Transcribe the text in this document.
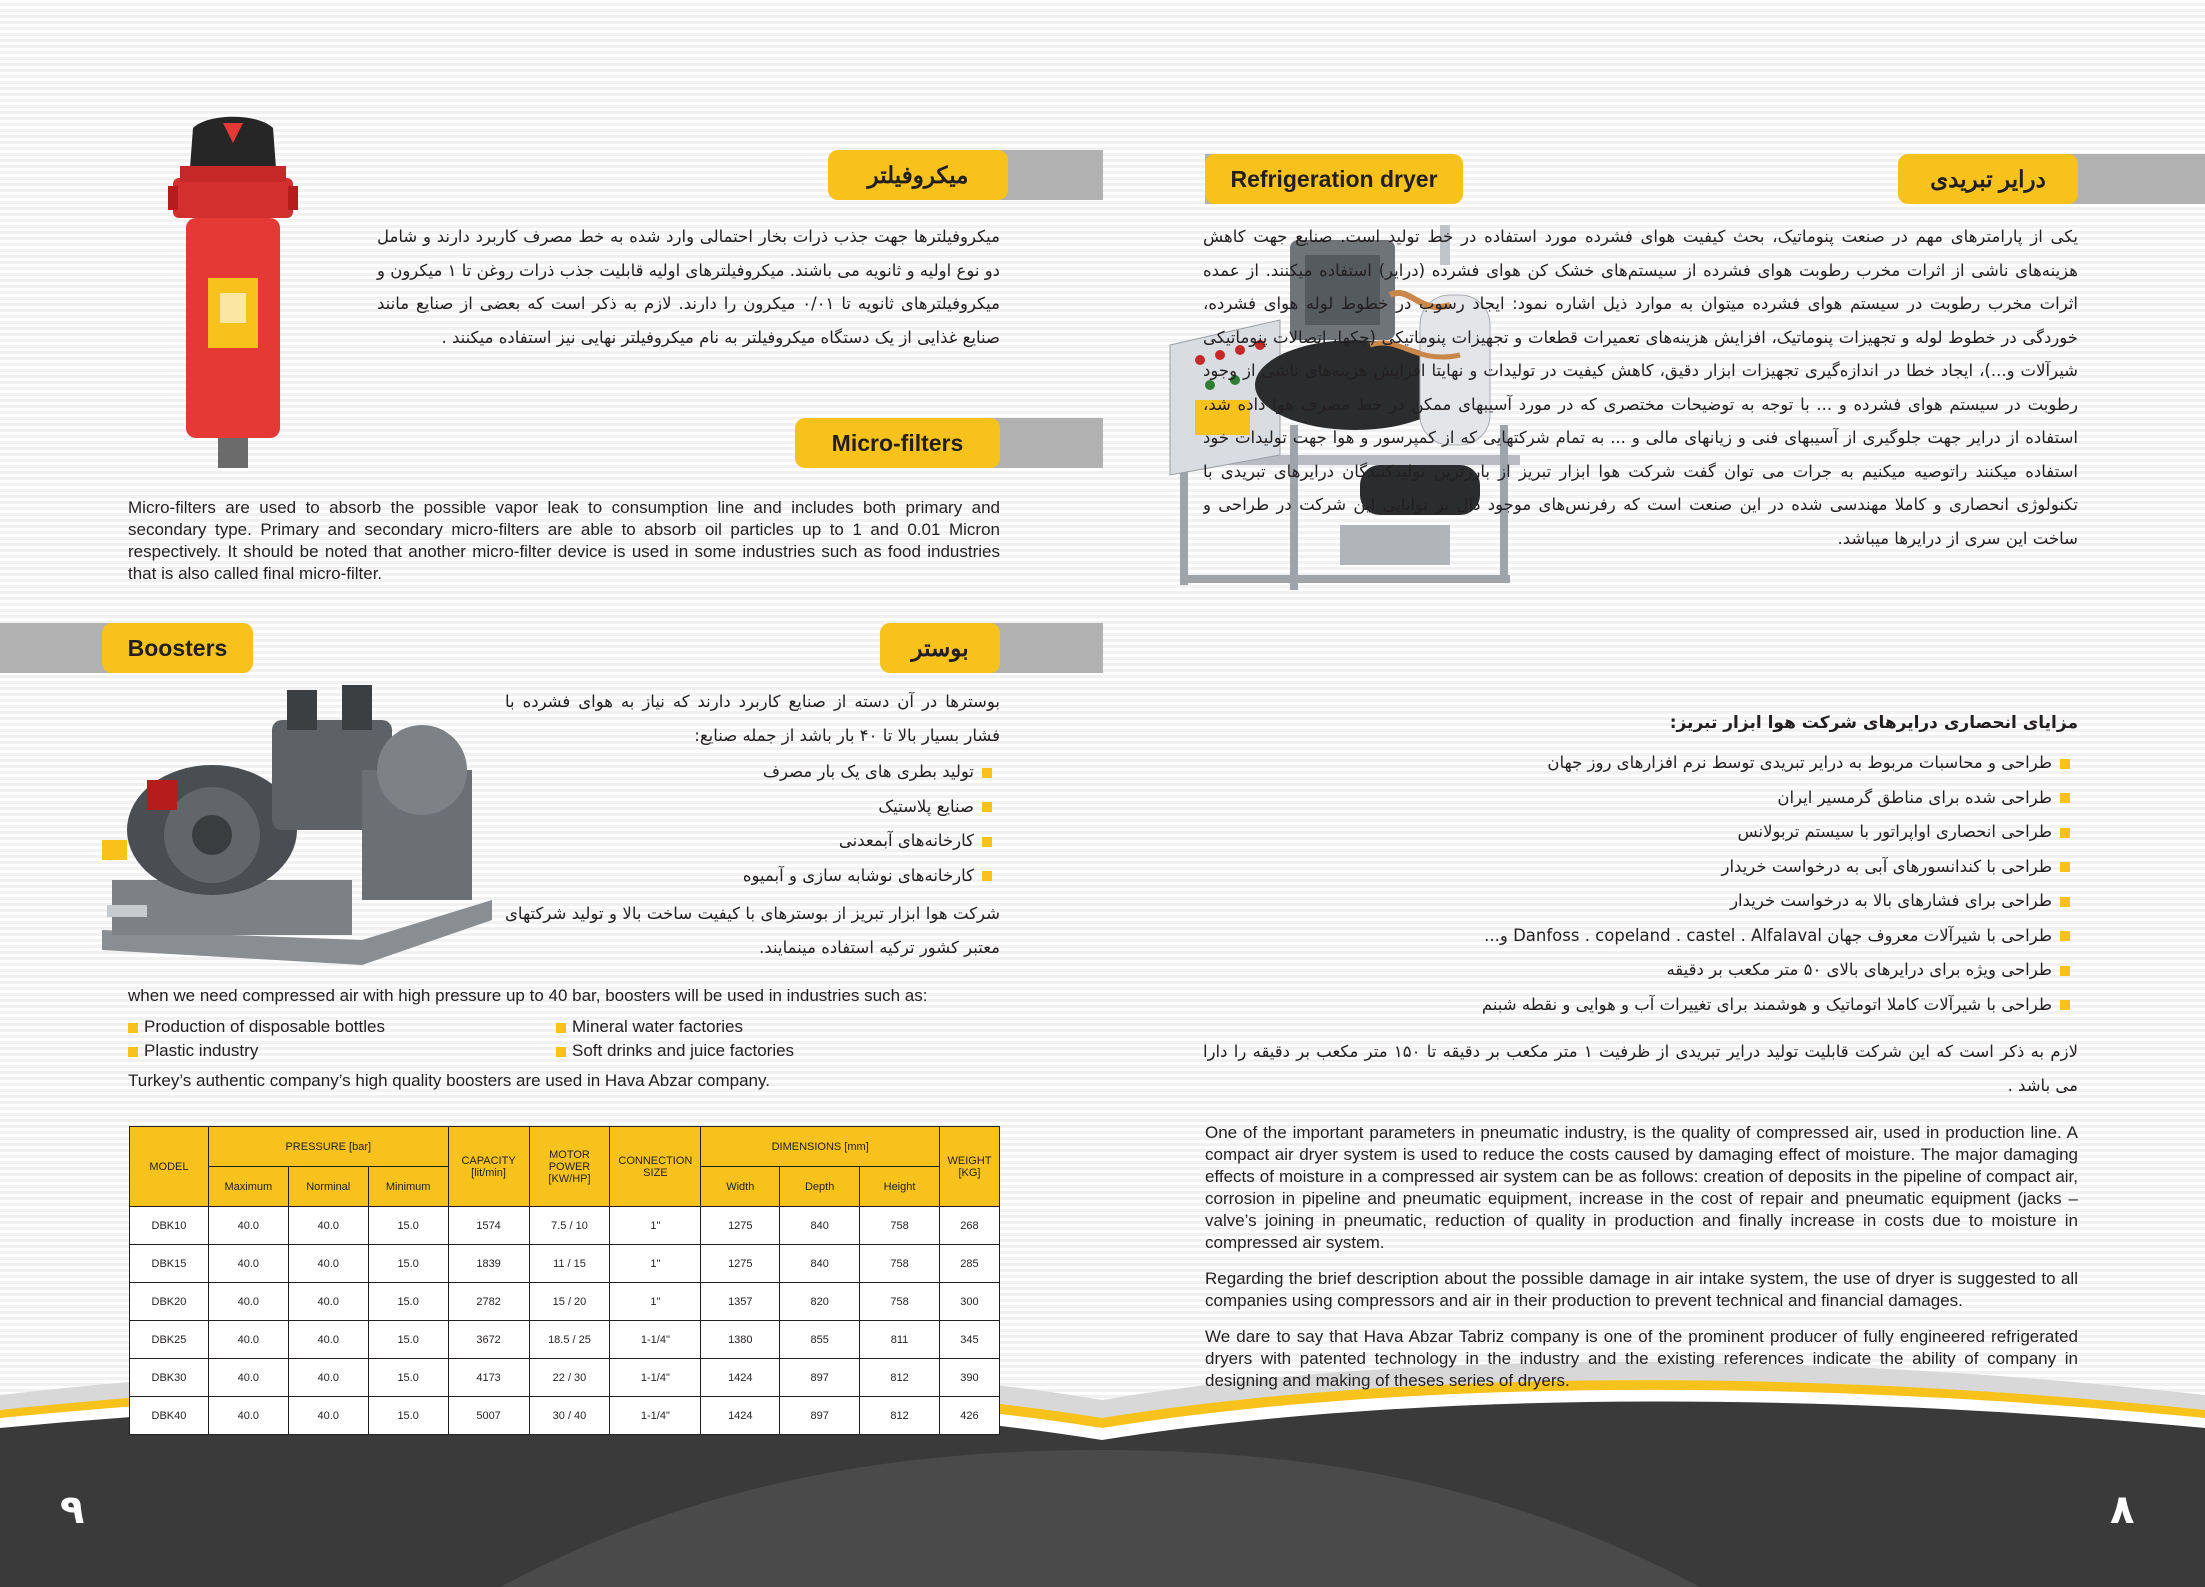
۸
۹
درایر تبریدی
Refrigeration dryer
یکی از پارامترهای مهم در صنعت پنوماتیک، بحث کیفیت هوای فشرده مورد استفاده در خط تولید است. صنایع جهت کاهش هزینه‌های ناشی از اثرات مخرب رطوبت هوای فشرده از سیستم‌های خشک کن هوای فشرده (درایر) استفاده میکنند. از عمده اثرات مخرب رطوبت در سیستم هوای فشرده میتوان به موارد ذیل اشاره نمود: ایجاد رسوب در خطوط لوله هوای فشرده، خوردگی در خطوط لوله و تجهیزات پنوماتیک، افزایش هزینه‌های تعمیرات قطعات و تجهیزات پنوماتیکی (جکها، اتصالات پنوماتیکی شیرآلات و...)، ایجاد خطا در اندازه‌گیری تجهیزات ابزار دقیق، کاهش کیفیت در تولیدات و نهایتا افزایش هزینه‌های ناشی از وجود رطوبت در سیستم هوای فشرده و ... با توجه به توضیحات مختصری که در مورد آسیبهای ممکن در خط مصرف هوا داده شد، استفاده از درایر جهت جلوگیری از آسیبهای فنی و زیانهای مالی و ... به تمام شرکتهایی که از کمپرسور و هوا جهت تولیدات خود استفاده میکنند راتوصیه میکنیم به جرات می توان گفت شرکت هوا ابزار تبریز از بارزترین تولیدکنندگان درایرهای تبریدی با تکنولوژی انحصاری و کاملا مهندسی شده در این صنعت است که رفرنس‌های موجود دال بر توانایی این شرکت در طراحی و ساخت این سری از درایرها میباشد.
مزایای انحصاری درایرهای شرکت هوا ابزار تبریز:
طراحی و محاسبات مربوط به درایر تبریدی توسط نرم افزارهای روز جهان
طراحی شده برای مناطق گرمسیر ایران
طراحی انحصاری اواپراتور با سیستم تربولانس
طراحی با کندانسورهای آبی به درخواست خریدار
طراحی برای فشارهای بالا به درخواست خریدار
طراحی با شیرآلات معروف جهان Danfoss . copeland . castel . Alfalaval و...
طراحی ویژه برای درایرهای بالای ۵۰ متر مکعب بر دقیقه
طراحی با شیرآلات کاملا اتوماتیک و هوشمند برای تغییرات آب و هوایی و نقطه شبنم
لازم به ذکر است که این شرکت قابلیت تولید درایر تبریدی از ظرفیت ۱ متر مکعب بر دقیقه تا ۱۵۰ متر مکعب بر دقیقه را دارا می باشد .

One of the important parameters in pneumatic industry, is the quality of compressed air, used in production line. A compact air dryer system is used to reduce the costs caused by damaging effect of moisture. The major damaging effects of moisture in a compressed air system can be as follows: creation of deposits in the pipeline of compact air, corrosion in pipeline and pneumatic equipment, increase in the cost of repair and pneumatic equipment (jacks – valve’s joining in pneumatic, reduction of quality in production and finally increase in costs due to moisture in compressed air system.

Regarding the brief description about the possible damage in air intake system, the use of dryer is suggested to all companies using compressors and air in their production to prevent technical and financial damages.

We dare to say that Hava Abzar Tabriz company is one of the prominent producer of fully engineered refrigerated dryers with patented technology in the industry and the existing references indicate the ability of company in designing and making of theses series of dryers.

میکروفیلتر
میکروفیلترها جهت جذب ذرات بخار احتمالی وارد شده به خط مصرف کاربرد دارند و شامل دو نوع اولیه و ثانویه می باشند. میکروفیلترهای اولیه قابلیت جذب ذرات روغن تا ۱ میکرون و میکروفیلترهای ثانویه تا ۰/۰۱ میکرون را دارند. لازم به ذکر است که بعضی از صنایع مانند صنایع غذایی از یک دستگاه میکروفیلتر به نام میکروفیلتر نهایی نیز استفاده میکنند .
Micro-filters
Micro-filters are used to absorb the possible vapor leak to consumption line and includes both primary and secondary type. Primary and secondary micro-filters are able to absorb oil particles up to 1 and 0.01 Micron respectively. It should be noted that another micro-filter device is used in some industries such as food industries that is also called final micro-filter.
Boosters	بوستر
بوسترها در آن دسته از صنایع کاربرد دارند که نیاز به هوای فشرده با فشار بسیار بالا تا ۴۰ بار باشد از جمله صنایع:
تولید بطری های یک بار مصرف
صنایع پلاستیک
کارخانه‌های آبمعدنی
کارخانه‌های نوشابه سازی و آبمیوه
شرکت هوا ابزار تبریز از بوسترهای با کیفیت ساخت بالا و تولید شرکتهای معتبر کشور ترکیه استفاده مینمایند.
when we need compressed air with high pressure up to 40 bar, boosters will be used in industries such as:
Production of disposable bottles	Mineral water factories
Plastic industry	Soft drinks and juice factories
Turkey’s authentic company’s high quality boosters are used in Hava Abzar company.
MODEL	PRESSURE [bar]			CAPACITY
[lit/min]	MOTOR
POWER
[KW/HP]	CONNECTION
SIZE	DIMENSIONS [mm]			WEIGHT
[KG]
	Maximum	Norminal	Minimum				Width	Depth	Height	
DBK10	40.0	40.0	15.0	1574	7.5 / 10	1"	1275	840	758	268
DBK15	40.0	40.0	15.0	1839	11 / 15	1"	1275	840	758	285
DBK20	40.0	40.0	15.0	2782	15 / 20	1"	1357	820	758	300
DBK25	40.0	40.0	15.0	3672	18.5 / 25	1-1/4"	1380	855	811	345
DBK30	40.0	40.0	15.0	4173	22 / 30	1-1/4"	1424	897	812	390
DBK40	40.0	40.0	15.0	5007	30 / 40	1-1/4"	1424	897	812	426
